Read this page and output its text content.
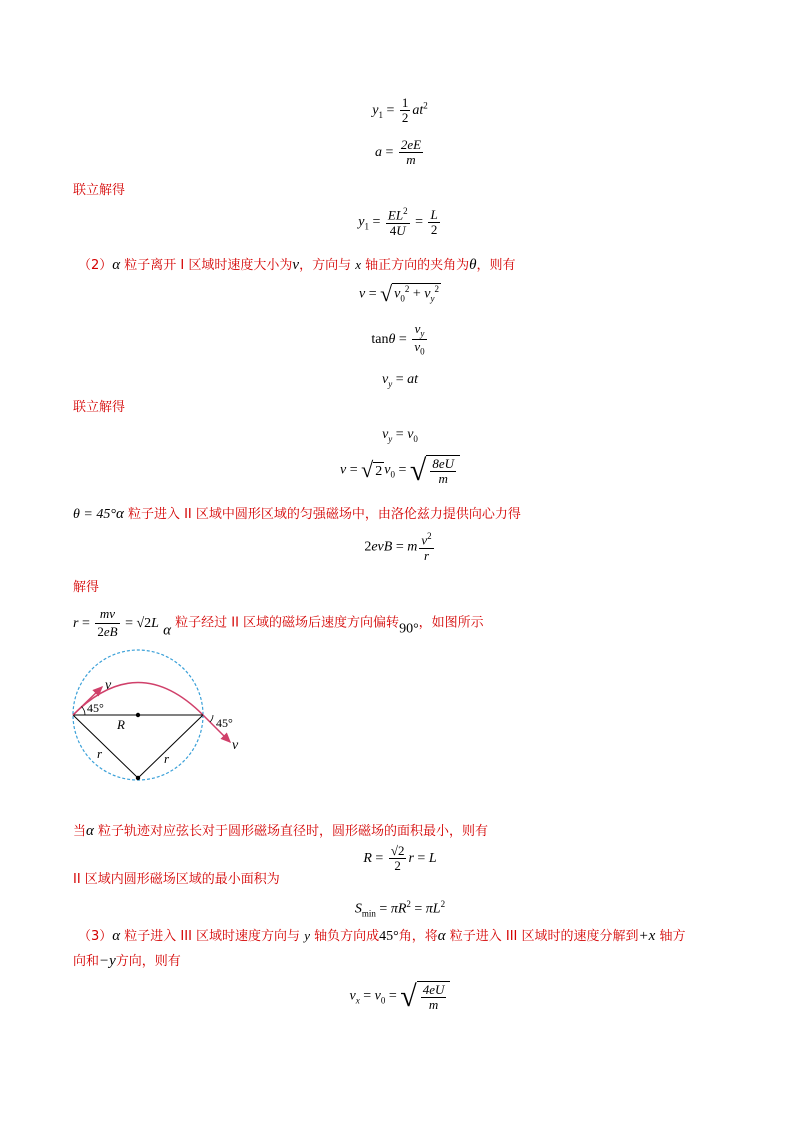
$y_1 = \frac{1}{2} at^2$
$a = \frac{2eE}{m}$
联立解得
$y_1 = \frac{EL^2}{4U} = \frac{L}{2}$
（2）α 粒子离开 I 区域时速度大小为v，方向与 x 轴正方向的夹角为θ，则有
v = √ $v_0^2 + v_y^2$
$\tan\theta = \frac{v_y}{v_0}$
$v_y$ = at
联立解得
$v_y = v_0$
v = √ 2 $v_0$ = √ $\frac{8eU}{m}$
θ = 45°α 粒子进入 II 区域中圆形区域的匀强磁场中，由洛伦兹力提供向心力得
2evB = m $\frac{v^2}{r}$
解得
$r = \frac{mv}{2eB} = √2L$ α 粒子经过 II 区域的磁场后速度方向偏转90°，如图所示
v
45°
R
r	r
45°
v
当α 粒子轨迹对应弦长对于圆形磁场直径时，圆形磁场的面积最小，则有
$R = \frac{√2}{2}$ r = L
II 区域内圆形磁场区域的最小面积为
$S_{min} = \pi R^2 = \pi L^2$
（3）α 粒子进入 III 区域时速度方向与 y 轴负方向成45°角，将α 粒子进入 III 区域时的速度分解到+x 轴方
向和−y方向，则有
$v_x = v_0$ = √ $\frac{4eU}{m}$
